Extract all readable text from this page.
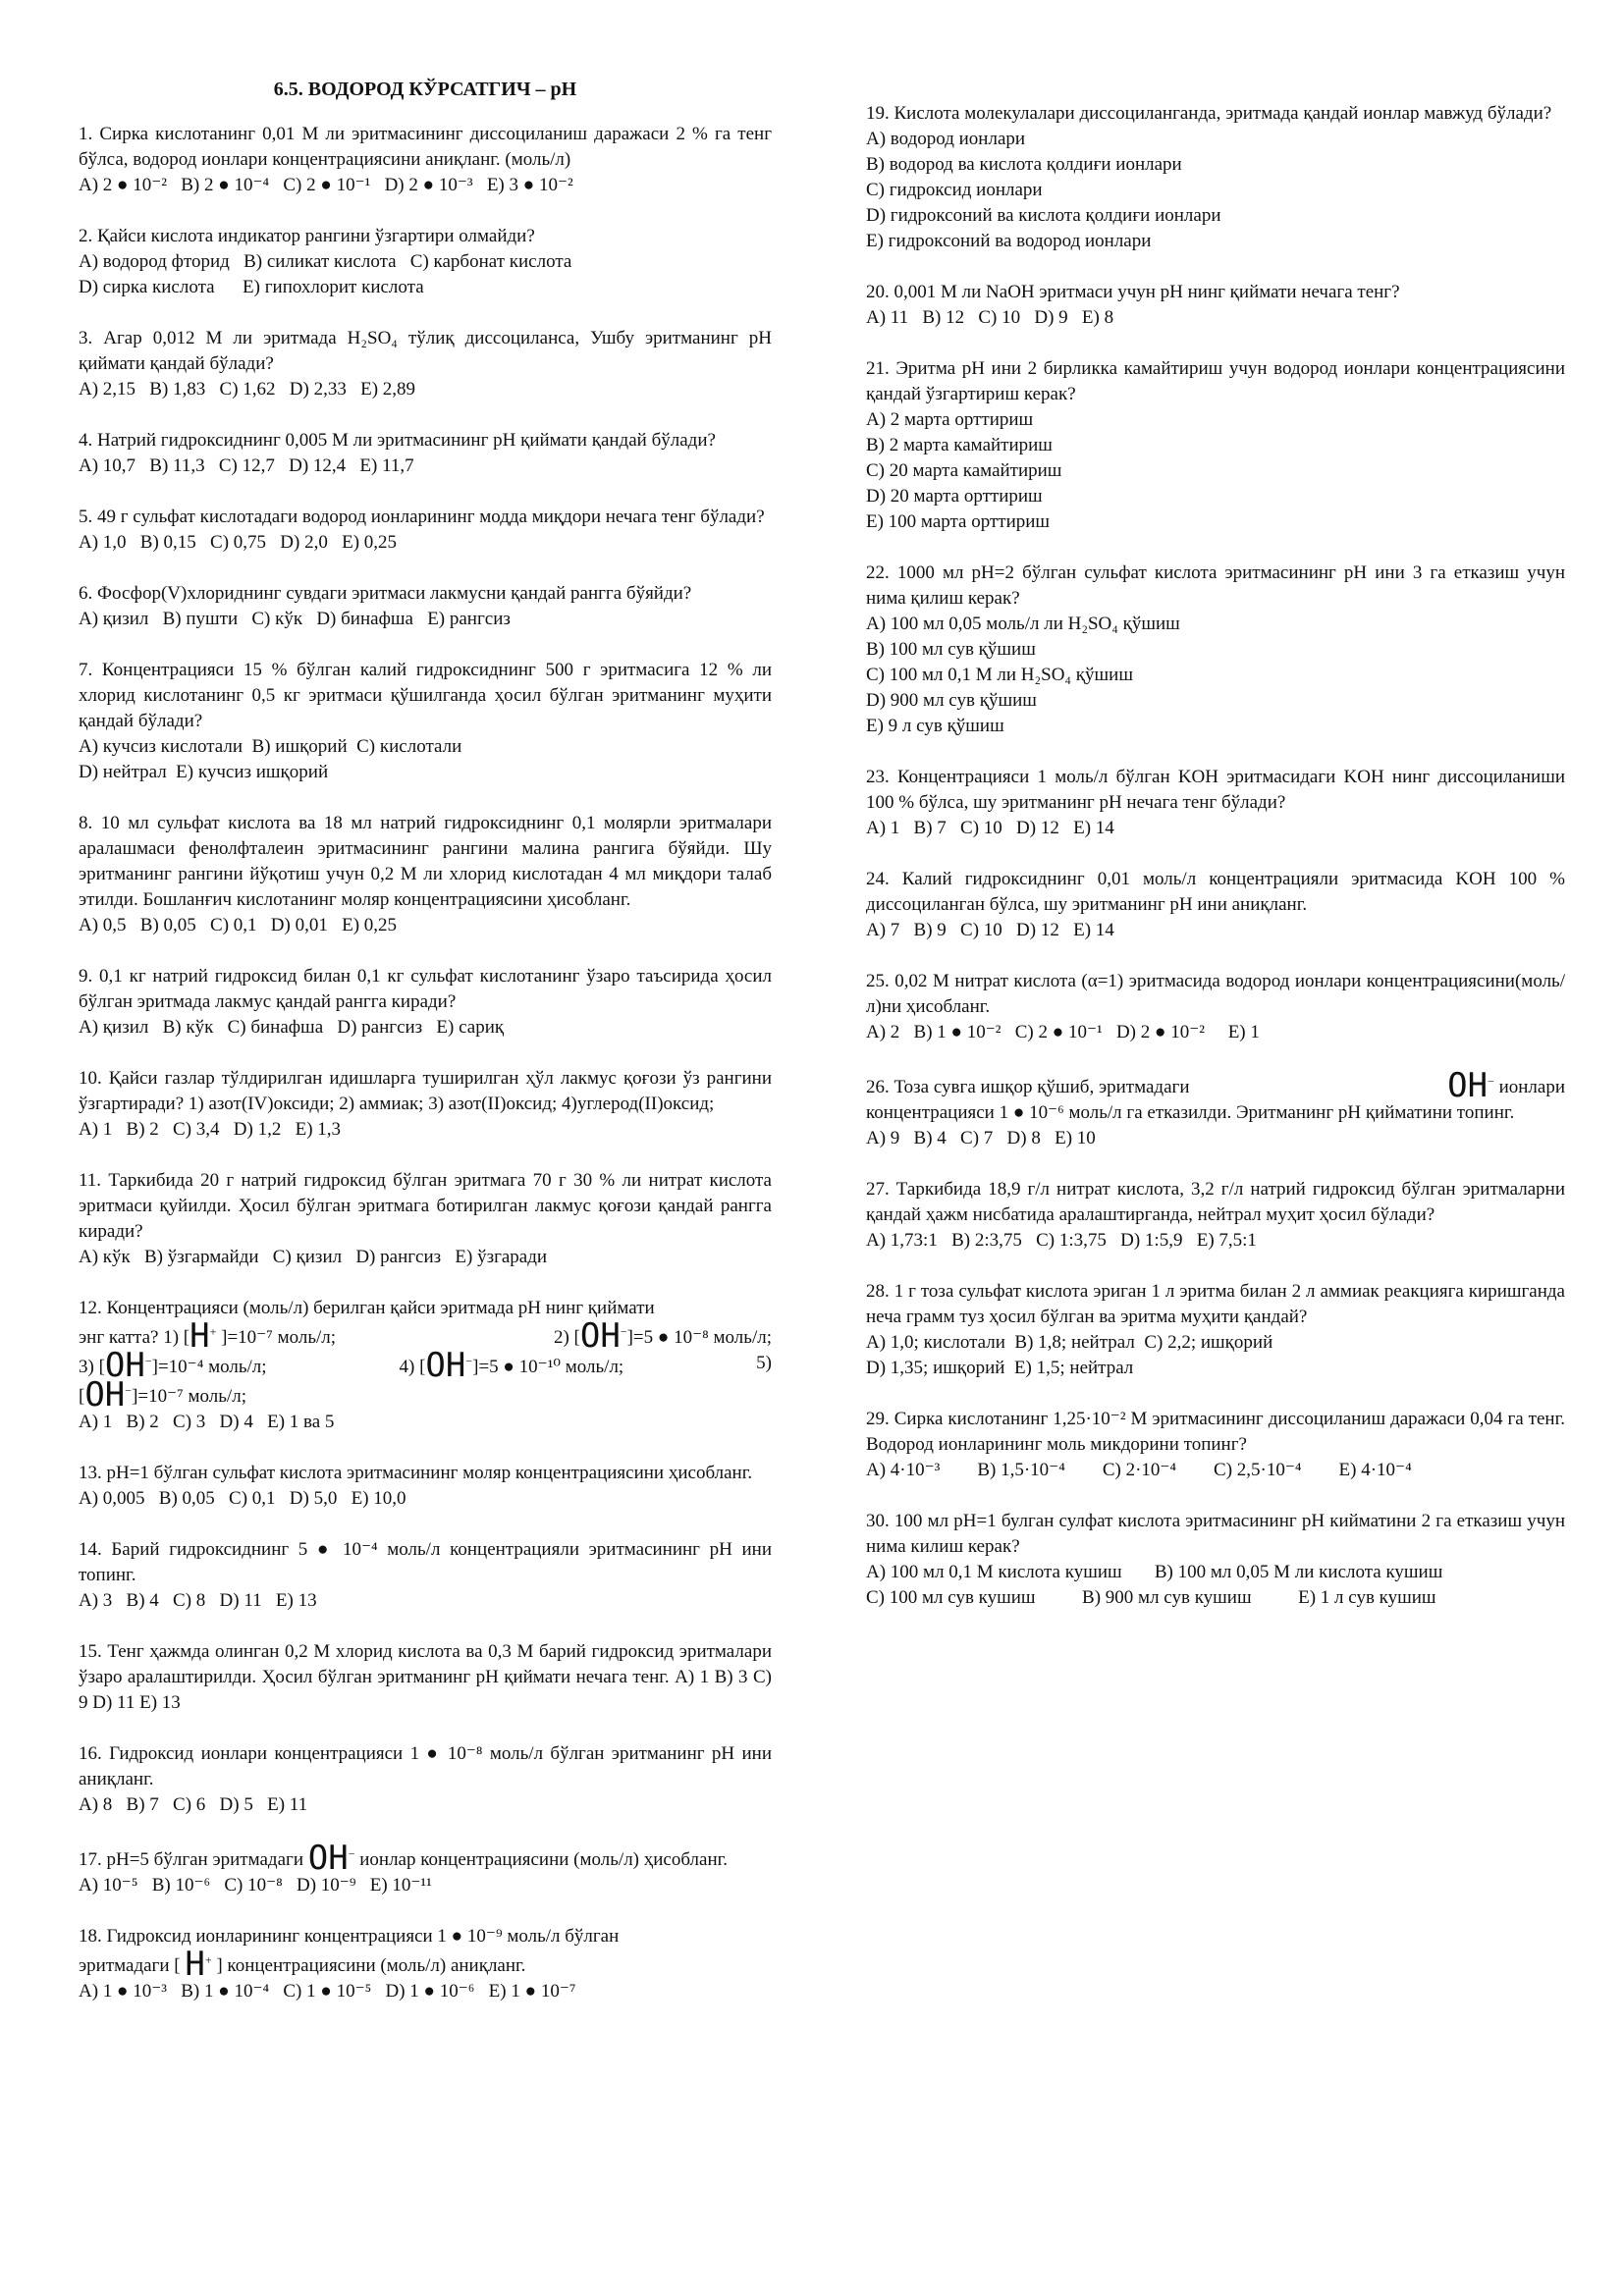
6.5. ВОДОРОД КЎРСАТГИЧ – рН

1. Сирка кислотанинг 0,01 М ли эритмасининг диссоциланиш даражаси 2 % га тенг бўлса, водород ионлари концентрациясини аниқланг. (моль/л)

A) 2 ● 10⁻²   B) 2 ● 10⁻⁴   C) 2 ● 10⁻¹   D) 2 ● 10⁻³   E) 3 ● 10⁻²

2. Қайси кислота индикатор рангини ўзгартири олмайди?

A) водород фторид   B) силикат кислота   C) карбонат кислота
D) сирка кислота      E) гипохлорит кислота

3. Агар 0,012 М ли эритмада H₂SO₄ тўлиқ диссоциланса, Ушбу эритманинг рН қиймати қандай бўлади?

A) 2,15   B) 1,83   C) 1,62   D) 2,33   E) 2,89

4. Натрий гидроксиднинг 0,005 М ли эритмасининг рН қиймати қандай бўлади?

A) 10,7   B) 11,3   C) 12,7   D) 12,4   E) 11,7

5. 49 г сульфат кислотадаги водород ионларининг модда миқдори нечага тенг бўлади?

A) 1,0   B) 0,15   C) 0,75   D) 2,0   E) 0,25

6. Фосфор(V)хлориднинг сувдаги эритмаси лакмусни қандай рангга бўяйди?

A) қизил   B) пушти   C) кўк   D) бинафша   E) рангсиз

7. Концентрацияси 15 % бўлган калий гидроксиднинг 500 г эритмасига 12 % ли хлорид кислотанинг 0,5 кг эритмаси қўшилганда ҳосил бўлган эритманинг муҳити қандай бўлади?

A) кучсиз кислотали  B) ишқорий  C) кислотали
D) нейтрал  E) кучсиз ишқорий

8. 10 мл сульфат кислота ва 18 мл натрий гидроксиднинг 0,1 молярли эритмалари аралашмаси фенолфталеин эритмасининг рангини малина рангига бўяйди. Шу эритманинг рангини йўқотиш учун 0,2 М ли хлорид кислотадан 4 мл миқдори талаб этилди. Бошланғич кислотанинг моляр концентрациясини ҳисобланг.

A) 0,5   B) 0,05   C) 0,1   D) 0,01   E) 0,25

9. 0,1 кг натрий гидроксид билан 0,1 кг сульфат кислотанинг ўзаро таъсирида ҳосил бўлган эритмада лакмус қандай рангга киради?

A) қизил   B) кўк   C) бинафша   D) рангсиз   E) сариқ

10. Қайси газлар тўлдирилган идишларга туширилган ҳўл лакмус қоғози ўз рангини ўзгартиради? 1) азот(IV)оксиди; 2) аммиак; 3) азот(II)оксид; 4)углерод(II)оксид;

A) 1   B) 2   C) 3,4   D) 1,2   E) 1,3

11. Таркибида 20 г натрий гидроксид бўлган эритмага 70 г 30 % ли нитрат кислота эритмаси қуйилди. Ҳосил бўлган эритмага ботирилган лакмус қоғози қандай рангга киради?

A) кўк   B) ўзгармайди   C) қизил   D) рангсиз   E) ўзгаради

12. Концентрацияси (моль/л) берилган қайси эритмада рН нинг қиймати

энг катта? 1) [H+ ]=10⁻⁷ моль/л;	2) [OH−]=5 ● 10⁻⁸ моль/л;

3) [OH−]=10⁻⁴ моль/л;	4) [OH−]=5 ● 10⁻¹⁰ моль/л;	5)

[OH−]=10⁻⁷ моль/л;

A) 1   B) 2   C) 3   D) 4   E) 1 ва 5

13. рН=1 бўлган сульфат кислота эритмасининг моляр концентрациясини ҳисобланг.

A) 0,005   B) 0,05   C) 0,1   D) 5,0   E) 10,0

14. Барий гидроксиднинг 5 ● 10⁻⁴ моль/л концентрацияли эритмасининг рН ини топинг.

A) 3   B) 4   C) 8   D) 11   E) 13

15. Тенг ҳажмда олинган 0,2 М хлорид кислота ва 0,3 М барий гидроксид эритмалари ўзаро аралаштирилди. Ҳосил бўлган эритманинг рН қиймати нечага тенг. A) 1 B) 3 C) 9 D) 11 E) 13

16. Гидроксид ионлари концентрацияси 1 ● 10⁻⁸ моль/л бўлган эритманинг рН ини аниқланг.

A) 8   B) 7   C) 6   D) 5   E) 11

17. рН=5 бўлган эритмадаги OH− ионлар концентрациясини (моль/л) ҳисобланг.

A) 10⁻⁵   B) 10⁻⁶   C) 10⁻⁸   D) 10⁻⁹   E) 10⁻¹¹

18. Гидроксид ионларининг концентрацияси 1 ● 10⁻⁹ моль/л бўлган

эритмадаги [ H+ ] концентрациясини (моль/л) аниқланг.

A) 1 ● 10⁻³   B) 1 ● 10⁻⁴   C) 1 ● 10⁻⁵   D) 1 ● 10⁻⁶   E) 1 ● 10⁻⁷

19. Кислота молекулалари диссоциланганда, эритмада қандай ионлар мавжуд бўлади?

A) водород ионлари
B) водород ва кислота қолдиғи ионлари
C) гидроксид ионлари
D) гидроксоний ва кислота қолдиғи ионлари
E) гидроксоний ва водород ионлари

20. 0,001 М ли NaOH эритмаси учун рН нинг қиймати нечага тенг?

A) 11   B) 12   C) 10   D) 9   E) 8

21. Эритма рН ини 2 бирликка камайтириш учун водород ионлари концентрациясини қандай ўзгартириш керак?

A) 2 марта орттириш
B) 2 марта камайтириш
C) 20 марта камайтириш
D) 20 марта орттириш
E) 100 марта орттириш

22. 1000 мл рН=2 бўлган сульфат кислота эритмасининг рН ини 3 га етказиш учун нима қилиш керак?

A) 100 мл 0,05 моль/л ли H₂SO₄ қўшиш
B) 100 мл сув қўшиш
C) 100 мл 0,1 М ли H₂SO₄ қўшиш
D) 900 мл сув қўшиш
E) 9 л сув қўшиш

23. Концентрацияси 1 моль/л бўлган KOH эритмасидаги KOH нинг диссоциланиши 100 % бўлса, шу эритманинг рН нечага тенг бўлади?

A) 1   B) 7   C) 10   D) 12   E) 14

24. Калий гидроксиднинг 0,01 моль/л концентрацияли эритмасида KOH 100 % диссоциланган бўлса, шу эритманинг рН ини аниқланг.

A) 7   B) 9   C) 10   D) 12   E) 14

25. 0,02 М нитрат кислота (α=1) эритмасида водород ионлари концентрациясини(моль/л)ни ҳисобланг.

A) 2   B) 1 ● 10⁻²   C) 2 ● 10⁻¹   D) 2 ● 10⁻²     E) 1

26. Тоза сувга ишқор қўшиб, эритмадаги	OH− ионлари

концентрацияси 1 ● 10⁻⁶ моль/л га етказилди. Эритманинг рН қийматини топинг.

A) 9   B) 4   C) 7   D) 8   E) 10

27. Таркибида 18,9 г/л нитрат кислота, 3,2 г/л натрий гидроксид бўлган эритмаларни қандай ҳажм нисбатида аралаштирганда, нейтрал муҳит ҳосил бўлади?

A) 1,73:1   B) 2:3,75   C) 1:3,75   D) 1:5,9   E) 7,5:1

28. 1 г тоза сульфат кислота эриган 1 л эритма билан 2 л аммиак реакцияга киришганда неча грамм туз ҳосил бўлган ва эритма муҳити қандай?

A) 1,0; кислотали  B) 1,8; нейтрал  C) 2,2; ишқорий
D) 1,35; ишқорий  E) 1,5; нейтрал

29. Сирка кислотанинг 1,25·10⁻² М эритмасининг диссоциланиш даражаси 0,04 га тенг. Водород ионларининг моль микдорини топинг?

A) 4·10⁻³        B) 1,5·10⁻⁴        C) 2·10⁻⁴        C) 2,5·10⁻⁴        E) 4·10⁻⁴

30. 100 мл рН=1 булган сулфат кислота эритмасининг рН кийматини 2 га етказиш учун нима килиш керак?

A) 100 мл 0,1 М кислота кушиш       B) 100 мл 0,05 М ли кислота кушиш
C) 100 мл сув кушиш          B) 900 мл сув кушиш          E) 1 л сув кушиш
